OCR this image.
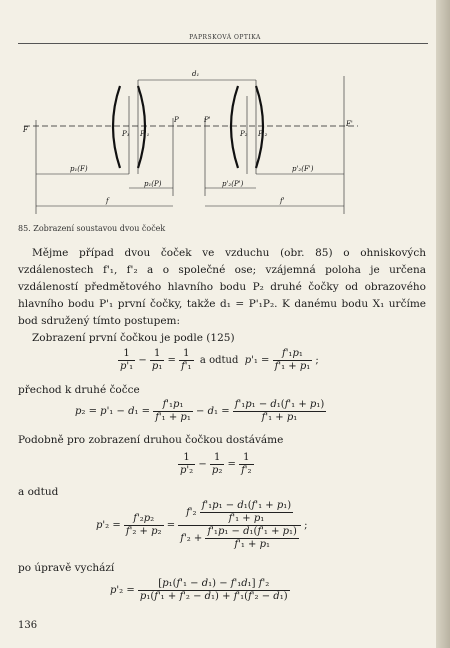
PAPRSKOVÁ OPTIKA
d₁
F
F'
P₁ P'₁
P	P'
P₂ P'₂
p₁(F)
p₁(P)	p'₂(P')
p'₂(F')
f	f'
85. Zobrazení soustavou dvou čoček

Mějme případ dvou čoček ve vzduchu (obr. 85) o ohniskových vzdálenostech f'₁, f'₂ a o společné ose; vzájemná poloha je určena vzdáleností předmětového hlavního bodu P₂ druhé čočky od obrazového hlavního bodu P'₁ první čočky, takže d₁ = P'₁P₂. K danému bodu X₁ určíme bod sdružený tímto postupem:

Zobrazení první čočkou je podle (125)

$\frac{1}{\text{p'₁}} - \frac{1}{\text{p₁}} = \frac{1}{\text{f'₁}}$ a odtud $p'_1 = \frac{\text{f'₁p₁}}{\text{f'₁ + p₁}}$ ;

přechod k druhé čočce

$p_2 = p'_1 - d_1 = \frac{\text{f'₁p₁}}{\text{f'₁ + p₁}} - d_1 = \frac{\text{f'₁p₁ − d₁(f'₁ + p₁)}}{\text{f'₁ + p₁}}$

Podobně pro zobrazení druhou čočkou dostáváme

$\frac{1}{\text{p'₂}} - \frac{1}{\text{p₂}} = \frac{1}{\text{f'₂}}$

a odtud

$p'_2 = \frac{\text{f'₂p₂}}{\text{f'₂ + p₂}} = \frac{f'_2 \frac{\text{f'₁p₁ − d₁(f'₁ + p₁)}}{\text{f'₁ + p₁}}}{f'_2 + \frac{\text{f'₁p₁ − d₁(f'₁ + p₁)}}{\text{f'₁ + p₁}}}$ ;

po úpravě vychází

$p'_2 = \frac{\text{[p₁(f'₁ − d₁) − f'₁d₁] f'₂}}{\text{p₁(f'₁ + f'₂ − d₁) + f'₁(f'₂ − d₁)}}$
136
